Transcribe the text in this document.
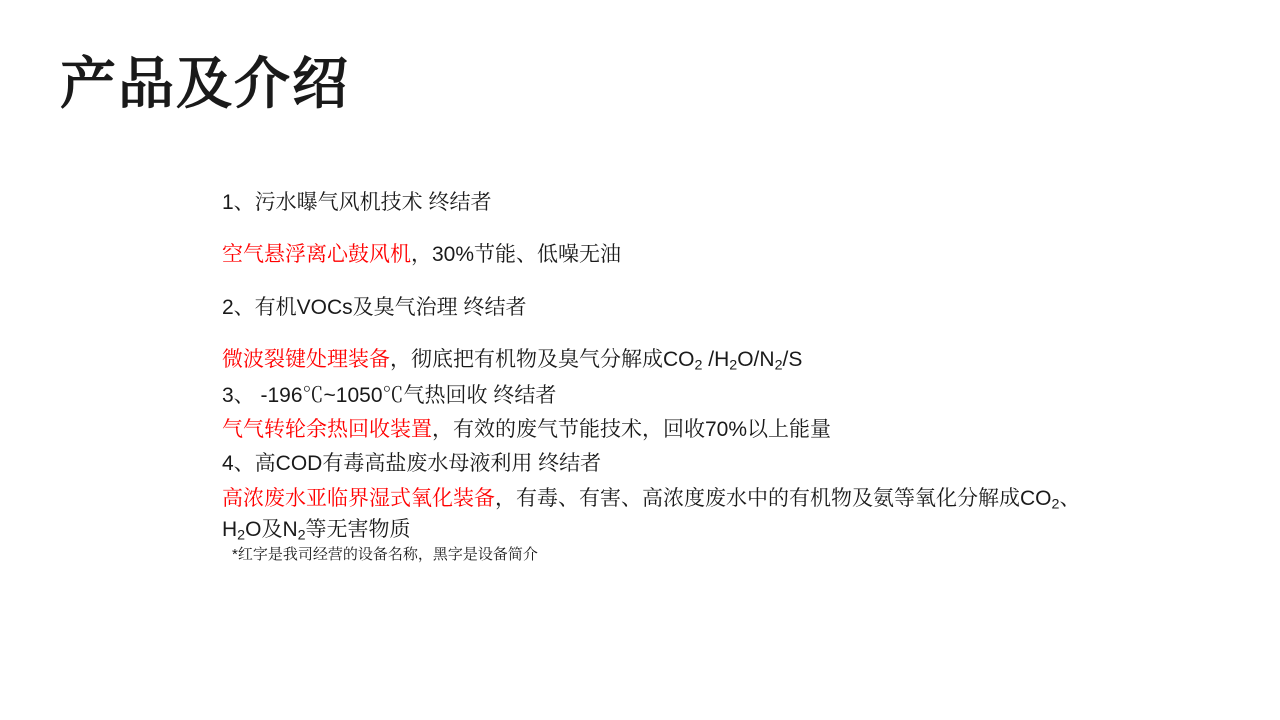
产品及介绍
1、污水曝气风机技术 终结者
空气悬浮离心鼓风机，30%节能、低噪无油
2、有机VOCs及臭气治理 终结者
微波裂键处理装备，彻底把有机物及臭气分解成$CO_2$ $/H_2O/N_2/S$
3、 -196℃~1050℃气热回收 终结者
气气转轮余热回收装置，有效的废气节能技术，回收70%以上能量
4、高COD有毒高盐废水母液利用 终结者
高浓废水亚临界湿式氧化装备，有毒、有害、高浓度废水中的有机物及氨等氧化分解成$CO_2$、 $H_2O$及$N_2$等无害物质
*红字是我司经营的设备名称，黑字是设备简介
